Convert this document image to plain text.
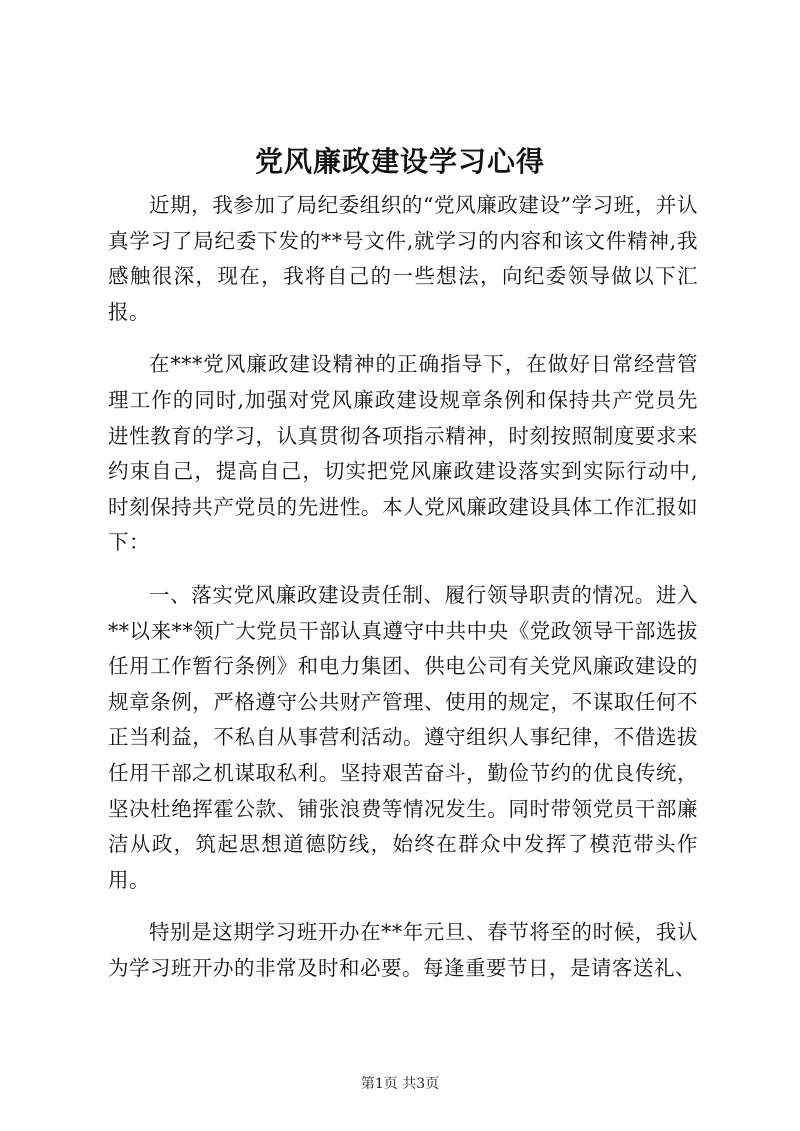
党风廉政建设学习心得

近期，我参加了局纪委组织的“党风廉政建设”学习班，并认真学习了局纪委下发的**号文件,就学习的内容和该文件精神,我感触很深，现在，我将自己的一些想法，向纪委领导做以下汇报。

在***党风廉政建设精神的正确指导下，在做好日常经营管理工作的同时,加强对党风廉政建设规章条例和保持共产党员先进性教育的学习，认真贯彻各项指示精神，时刻按照制度要求来约束自己，提高自己，切实把党风廉政建设落实到实际行动中,时刻保持共产党员的先进性。本人党风廉政建设具体工作汇报如下：

一、落实党风廉政建设责任制、履行领导职责的情况。进入**以来**领广大党员干部认真遵守中共中央《党政领导干部选拔任用工作暂行条例》和电力集团、供电公司有关党风廉政建设的规章条例，严格遵守公共财产管理、使用的规定，不谋取任何不正当利益，不私自从事营利活动。遵守组织人事纪律，不借选拔任用干部之机谋取私利。坚持艰苦奋斗，勤俭节约的优良传统，坚决杜绝挥霍公款、铺张浪费等情况发生。同时带领党员干部廉洁从政，筑起思想道德防线，始终在群众中发挥了模范带头作用。

特别是这期学习班开办在**年元旦、春节将至的时候，我认为学习班开办的非常及时和必要。每逢重要节日，是请客送礼、

第1页 共3页
